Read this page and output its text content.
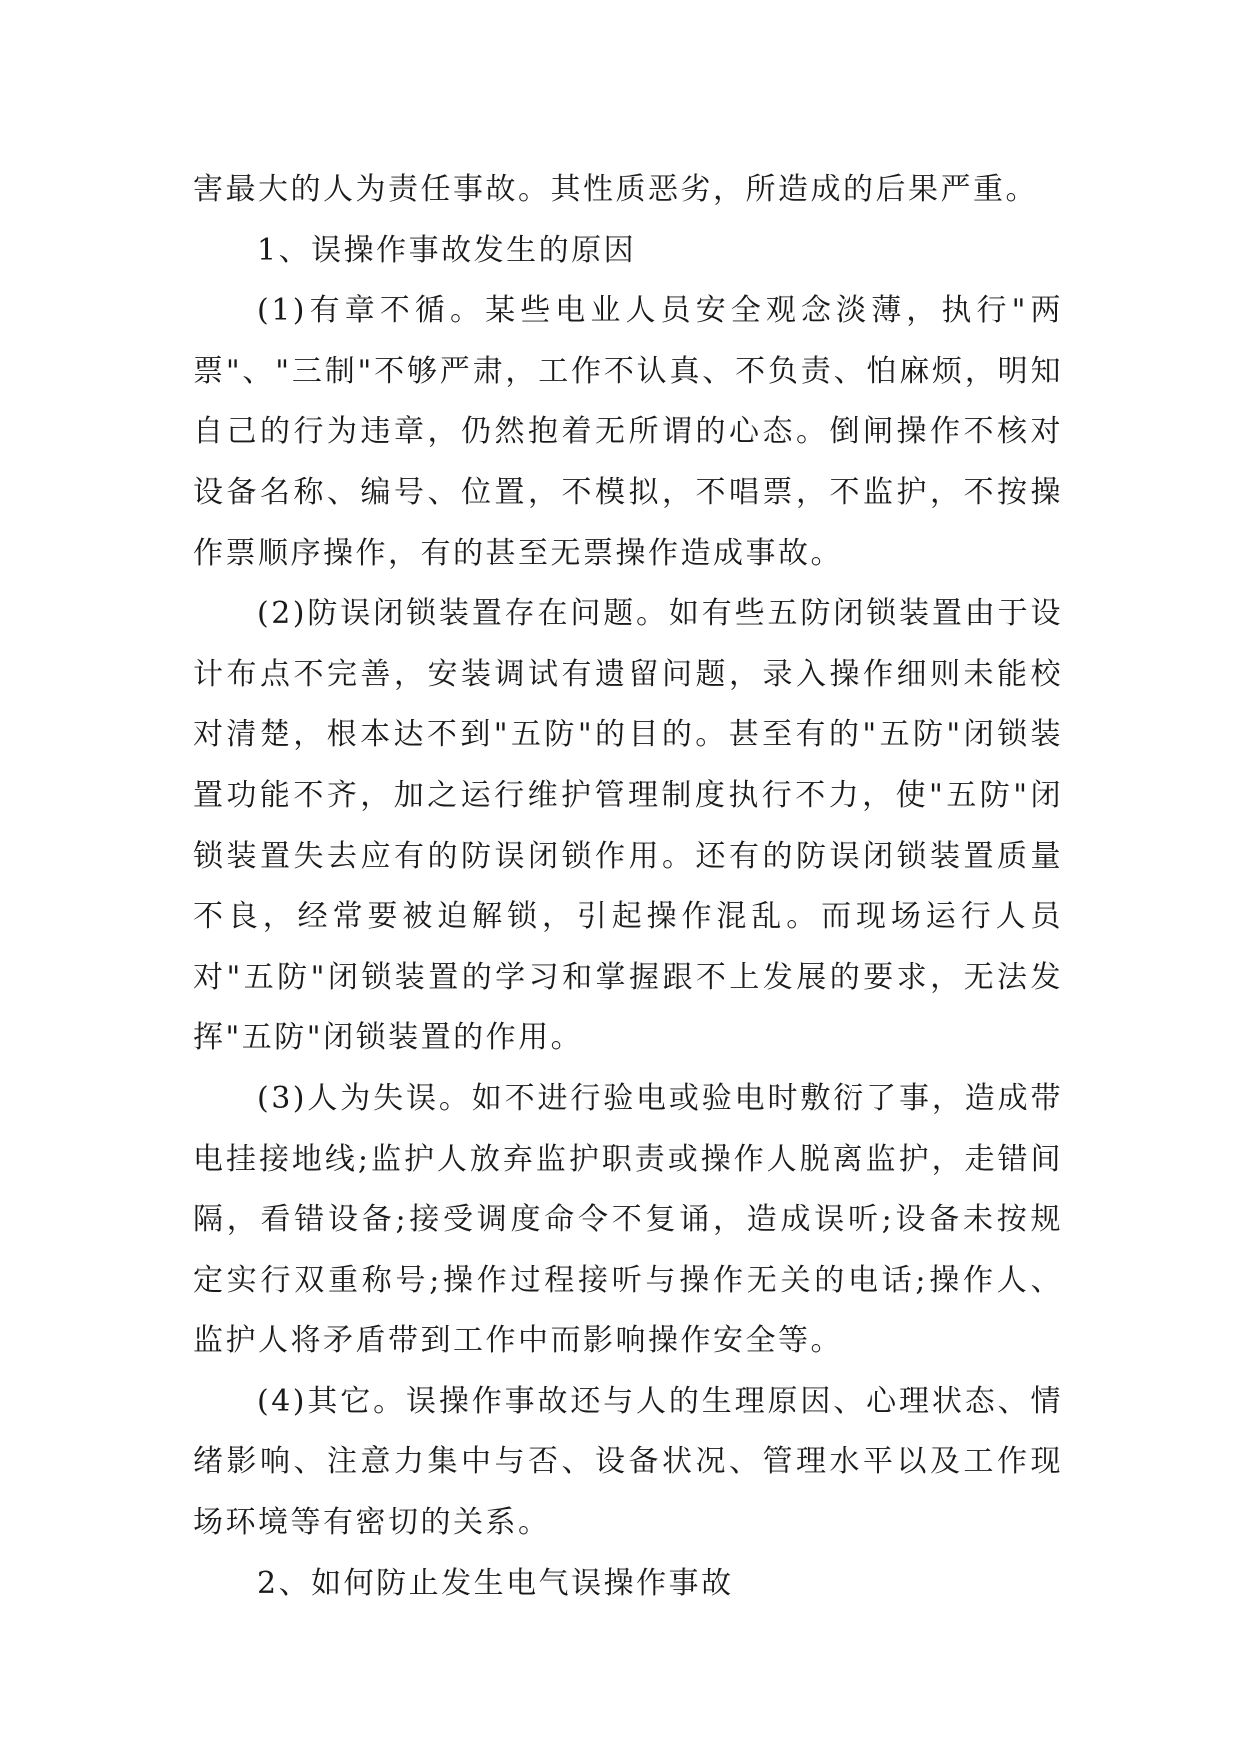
害最大的人为责任事故。其性质恶劣，所造成的后果严重。

1、误操作事故发生的原因

(1)有章不循。某些电业人员安全观念淡薄，执行"两票"、"三制"不够严肃，工作不认真、不负责、怕麻烦，明知自己的行为违章，仍然抱着无所谓的心态。倒闸操作不核对设备名称、编号、位置，不模拟，不唱票，不监护，不按操作票顺序操作，有的甚至无票操作造成事故。

(2)防误闭锁装置存在问题。如有些五防闭锁装置由于设计布点不完善，安装调试有遗留问题，录入操作细则未能校对清楚，根本达不到"五防"的目的。甚至有的"五防"闭锁装置功能不齐，加之运行维护管理制度执行不力，使"五防"闭锁装置失去应有的防误闭锁作用。还有的防误闭锁装置质量不良，经常要被迫解锁，引起操作混乱。而现场运行人员对"五防"闭锁装置的学习和掌握跟不上发展的要求，无法发挥"五防"闭锁装置的作用。

(3)人为失误。如不进行验电或验电时敷衍了事，造成带电挂接地线;监护人放弃监护职责或操作人脱离监护，走错间隔，看错设备;接受调度命令不复诵，造成误听;设备未按规定实行双重称号;操作过程接听与操作无关的电话;操作人、监护人将矛盾带到工作中而影响操作安全等。

(4)其它。误操作事故还与人的生理原因、心理状态、情绪影响、注意力集中与否、设备状况、管理水平以及工作现场环境等有密切的关系。

2、如何防止发生电气误操作事故
